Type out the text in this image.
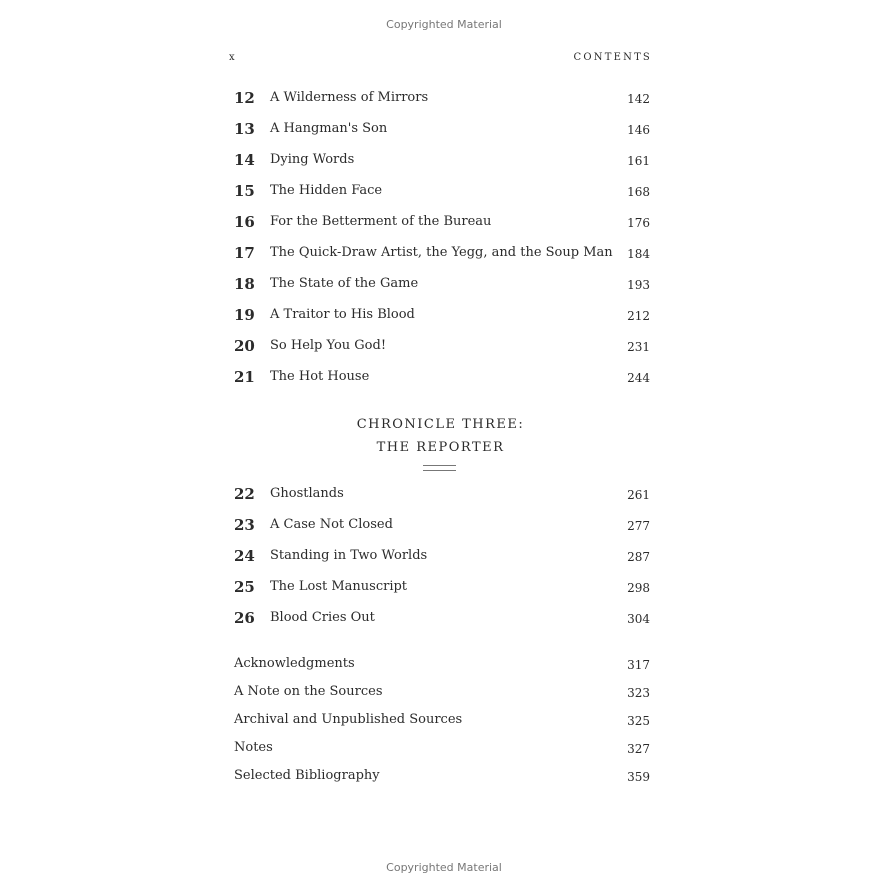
Copyrighted Material
x	CONTENTS
12 A Wilderness of Mirrors	142
13 A Hangman's Son	146
14 Dying Words	161
15 The Hidden Face	168
16 For the Betterment of the Bureau	176
17 The Quick-Draw Artist, the Yegg, and the Soup Man 184
18 The State of the Game	193
19 A Traitor to His Blood	212
20 So Help You God!	231
21 The Hot House	244
CHRONICLE THREE:
THE REPORTER
22 Ghostlands	261
23 A Case Not Closed	277
24 Standing in Two Worlds	287
25 The Lost Manuscript	298
26 Blood Cries Out	304
Acknowledgments	317
A Note on the Sources	323
Archival and Unpublished Sources	325
Notes	327
Selected Bibliography	359
Copyrighted Material
